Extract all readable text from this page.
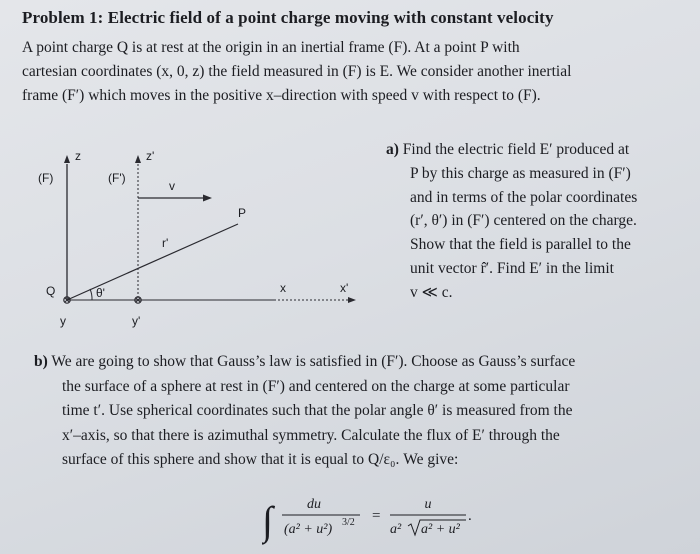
Problem 1: Electric field of a point charge moving with constant velocity
A point charge Q is at rest at the origin in an inertial frame (F). At a point P with
cartesian coordinates (x, 0, z) the field measured in (F) is E. We consider another inertial
frame (F′) which moves in the positive x–direction with speed v with respect to (F).
(F)	(F')
z	z'
v
P
r'
x	x'
Q	θ'
y	y'
a) Find the electric field E′ produced at
P by this charge as measured in (F′)
and in terms of the polar coordinates
(r′, θ′) in (F′) centered on the charge.
Show that the field is parallel to the
unit vector r̂′. Find E′ in the limit
v ≪ c.
b) We are going to show that Gauss’s law is satisfied in (F′). Choose as Gauss’s surface
the surface of a sphere at rest in (F′) and centered on the charge at some particular
time t′. Use spherical coordinates such that the polar angle θ′ is measured from the
x′–axis, so that there is azimuthal symmetry. Calculate the flux of E′ through the
surface of this sphere and show that it is equal to Q/ε₀. We give:
∫ du
(a² + u²) 3/2 =
u
a² a² + u²
.
